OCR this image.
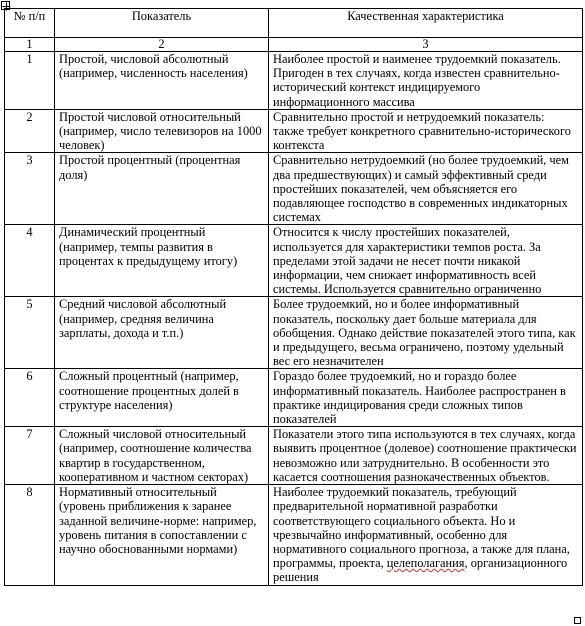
№ п/п	Показатель	Качественная характеристика
1	2	3
1	Простой, числовой абсолютный (например, численность населения)	Наиболее простой и наименее трудоемкий показатель. Пригоден в тех случаях, когда известен сравнительно-исторический контекст индицируемого информационного массива
2	Простой числовой относительный (например, число телевизоров на 1000 человек)	Сравнительно простой и нетрудоемкий показатель: также требует конкретного сравнительно-исторического контекста
3	Простой процентный (процентная доля)	Сравнительно нетрудоемкий (но более трудоемкий, чем два предшествующих) и самый эффективный среди простейших показателей, чем объясняется его подавляющее господство в современных индикаторных системах
4	Динамический процентный (например, темпы развития в процентах к предыдущему итогу)	Относится к числу простейших показателей, используется для характеристики темпов роста. За пределами этой задачи не несет почти никакой информации, чем снижает информативность всей системы. Используется сравнительно ограниченно
5	Средний числовой абсолютный (например, средняя величина зарплаты, дохода и т.п.)	Более трудоемкий, но и более информативный показатель, поскольку дает больше материала для обобщения. Однако действие показателей этого типа, как и предыдущего, весьма ограничено, поэтому удельный вес его незначителен
6	Сложный процентный (например, соотношение процентных долей в структуре населения)	Гораздо более трудоемкий, но и гораздо более информативный показатель. Наиболее распространен в практике индицирования среди сложных типов показателей
7	Сложный числовой относительный (например, соотношение количества квартир в государственном, кооперативном и частном секторах)	Показатели этого типа используются в тех случаях, когда выявить процентное (долевое) соотношение практически невозможно или затруднительно. В особенности это касается соотношения разнокачественных объектов.
8	Нормативный относительный (уровень приближения к заранее заданной величине-норме: например, уровень питания в сопоставлении с научно обоснованными нормами)	Наиболее трудоемкий показатель, требующий предварительной нормативной разработки соответствующего социального объекта. Но и чрезвычайно информативный, особенно для нормативного социального прогноза, а также для плана, программы, проекта, целеполагания, организационного решения
